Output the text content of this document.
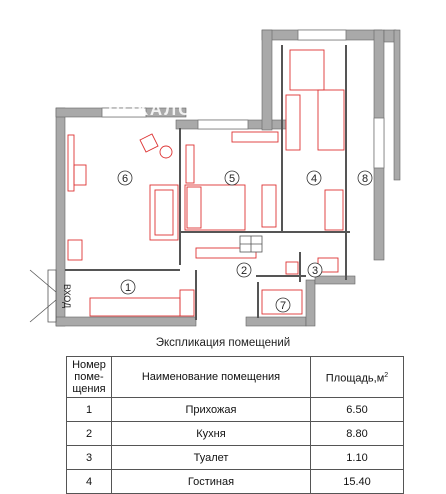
ВХОД
6	5	4	8
1
2	3
7
ПОКАЛС
Экспликация помещений
Номер
поме-
щения	Наименование помещения	$Площадь,м^2$
1	Прихожая	6.50
2	Кухня	8.80
3	Туалет	1.10
4	Гостиная	15.40
